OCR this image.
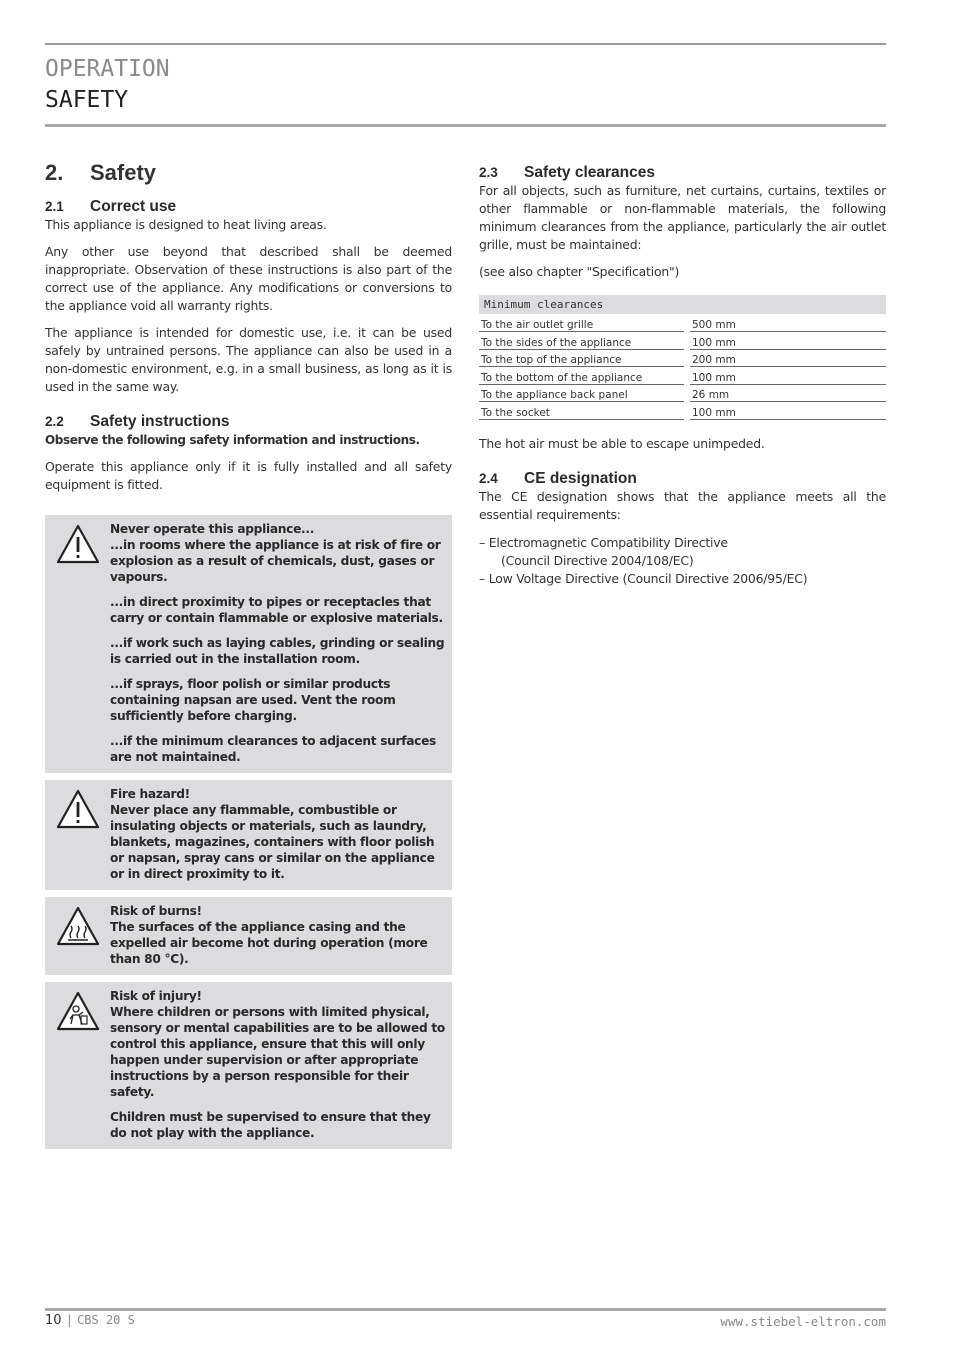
OPERATION
SAFETY
2.	Safety
2.1	Correct use

This appliance is designed to heat living areas.

Any other use beyond that described shall be deemed inappropriate. Observation of these instructions is also part of the correct use of the appliance. Any modifications or conversions to the appliance void all warranty rights.

The appliance is intended for domestic use, i.e. it can be used safely by untrained persons. The appliance can also be used in a non-domestic environment, e.g. in a small business, as long as it is used in the same way.

2.2	Safety instructions

Observe the following safety information and instructions.

Operate this appliance only if it is fully installed and all safety equipment is fitted.

Never operate this appliance...
...in rooms where the appliance is at risk of fire or explosion as a result of chemicals, dust, gases or vapours.

...in direct proximity to pipes or receptacles that carry or contain flammable or explosive materials.

...if work such as laying cables, grinding or sealing is carried out in the installation room.

...if sprays, floor polish or similar products containing napsan are used. Vent the room sufficiently before charging.

...if the minimum clearances to adjacent surfaces are not maintained.

Fire hazard!
Never place any flammable, combustible or insulating objects or materials, such as laundry, blankets, magazines, containers with floor polish or napsan, spray cans or similar on the appliance or in direct proximity to it.

Risk of burns!
The surfaces of the appliance casing and the expelled air become hot during operation (more than 80 °C).

Risk of injury!
Where children or persons with limited physical, sensory or mental capabilities are to be allowed to control this appliance, ensure that this will only happen under supervision or after appropriate instructions by a person responsible for their safety.

Children must be supervised to ensure that they do not play with the appliance.

2.3	Safety clearances

For all objects, such as furniture, net curtains, curtains, textiles or other flammable or non-flammable materials, the following minimum clearances from the appliance, particularly the air outlet grille, must be maintained:

(see also chapter "Specification")

Minimum clearances		
To the air outlet grille		500 mm
To the sides of the appliance		100 mm
To the top of the appliance		200 mm
To the bottom of the appliance		100 mm
To the appliance back panel		26 mm
To the socket		100 mm

The hot air must be able to escape unimpeded.

2.4	CE designation

The CE designation shows that the appliance meets all the essential requirements:

– Electromagnetic Compatibility Directive
(Council Directive 2004/108/EC)
– Low Voltage Directive (Council Directive 2006/95/EC)
10 | CBS 20 S	www.stiebel-eltron.com
